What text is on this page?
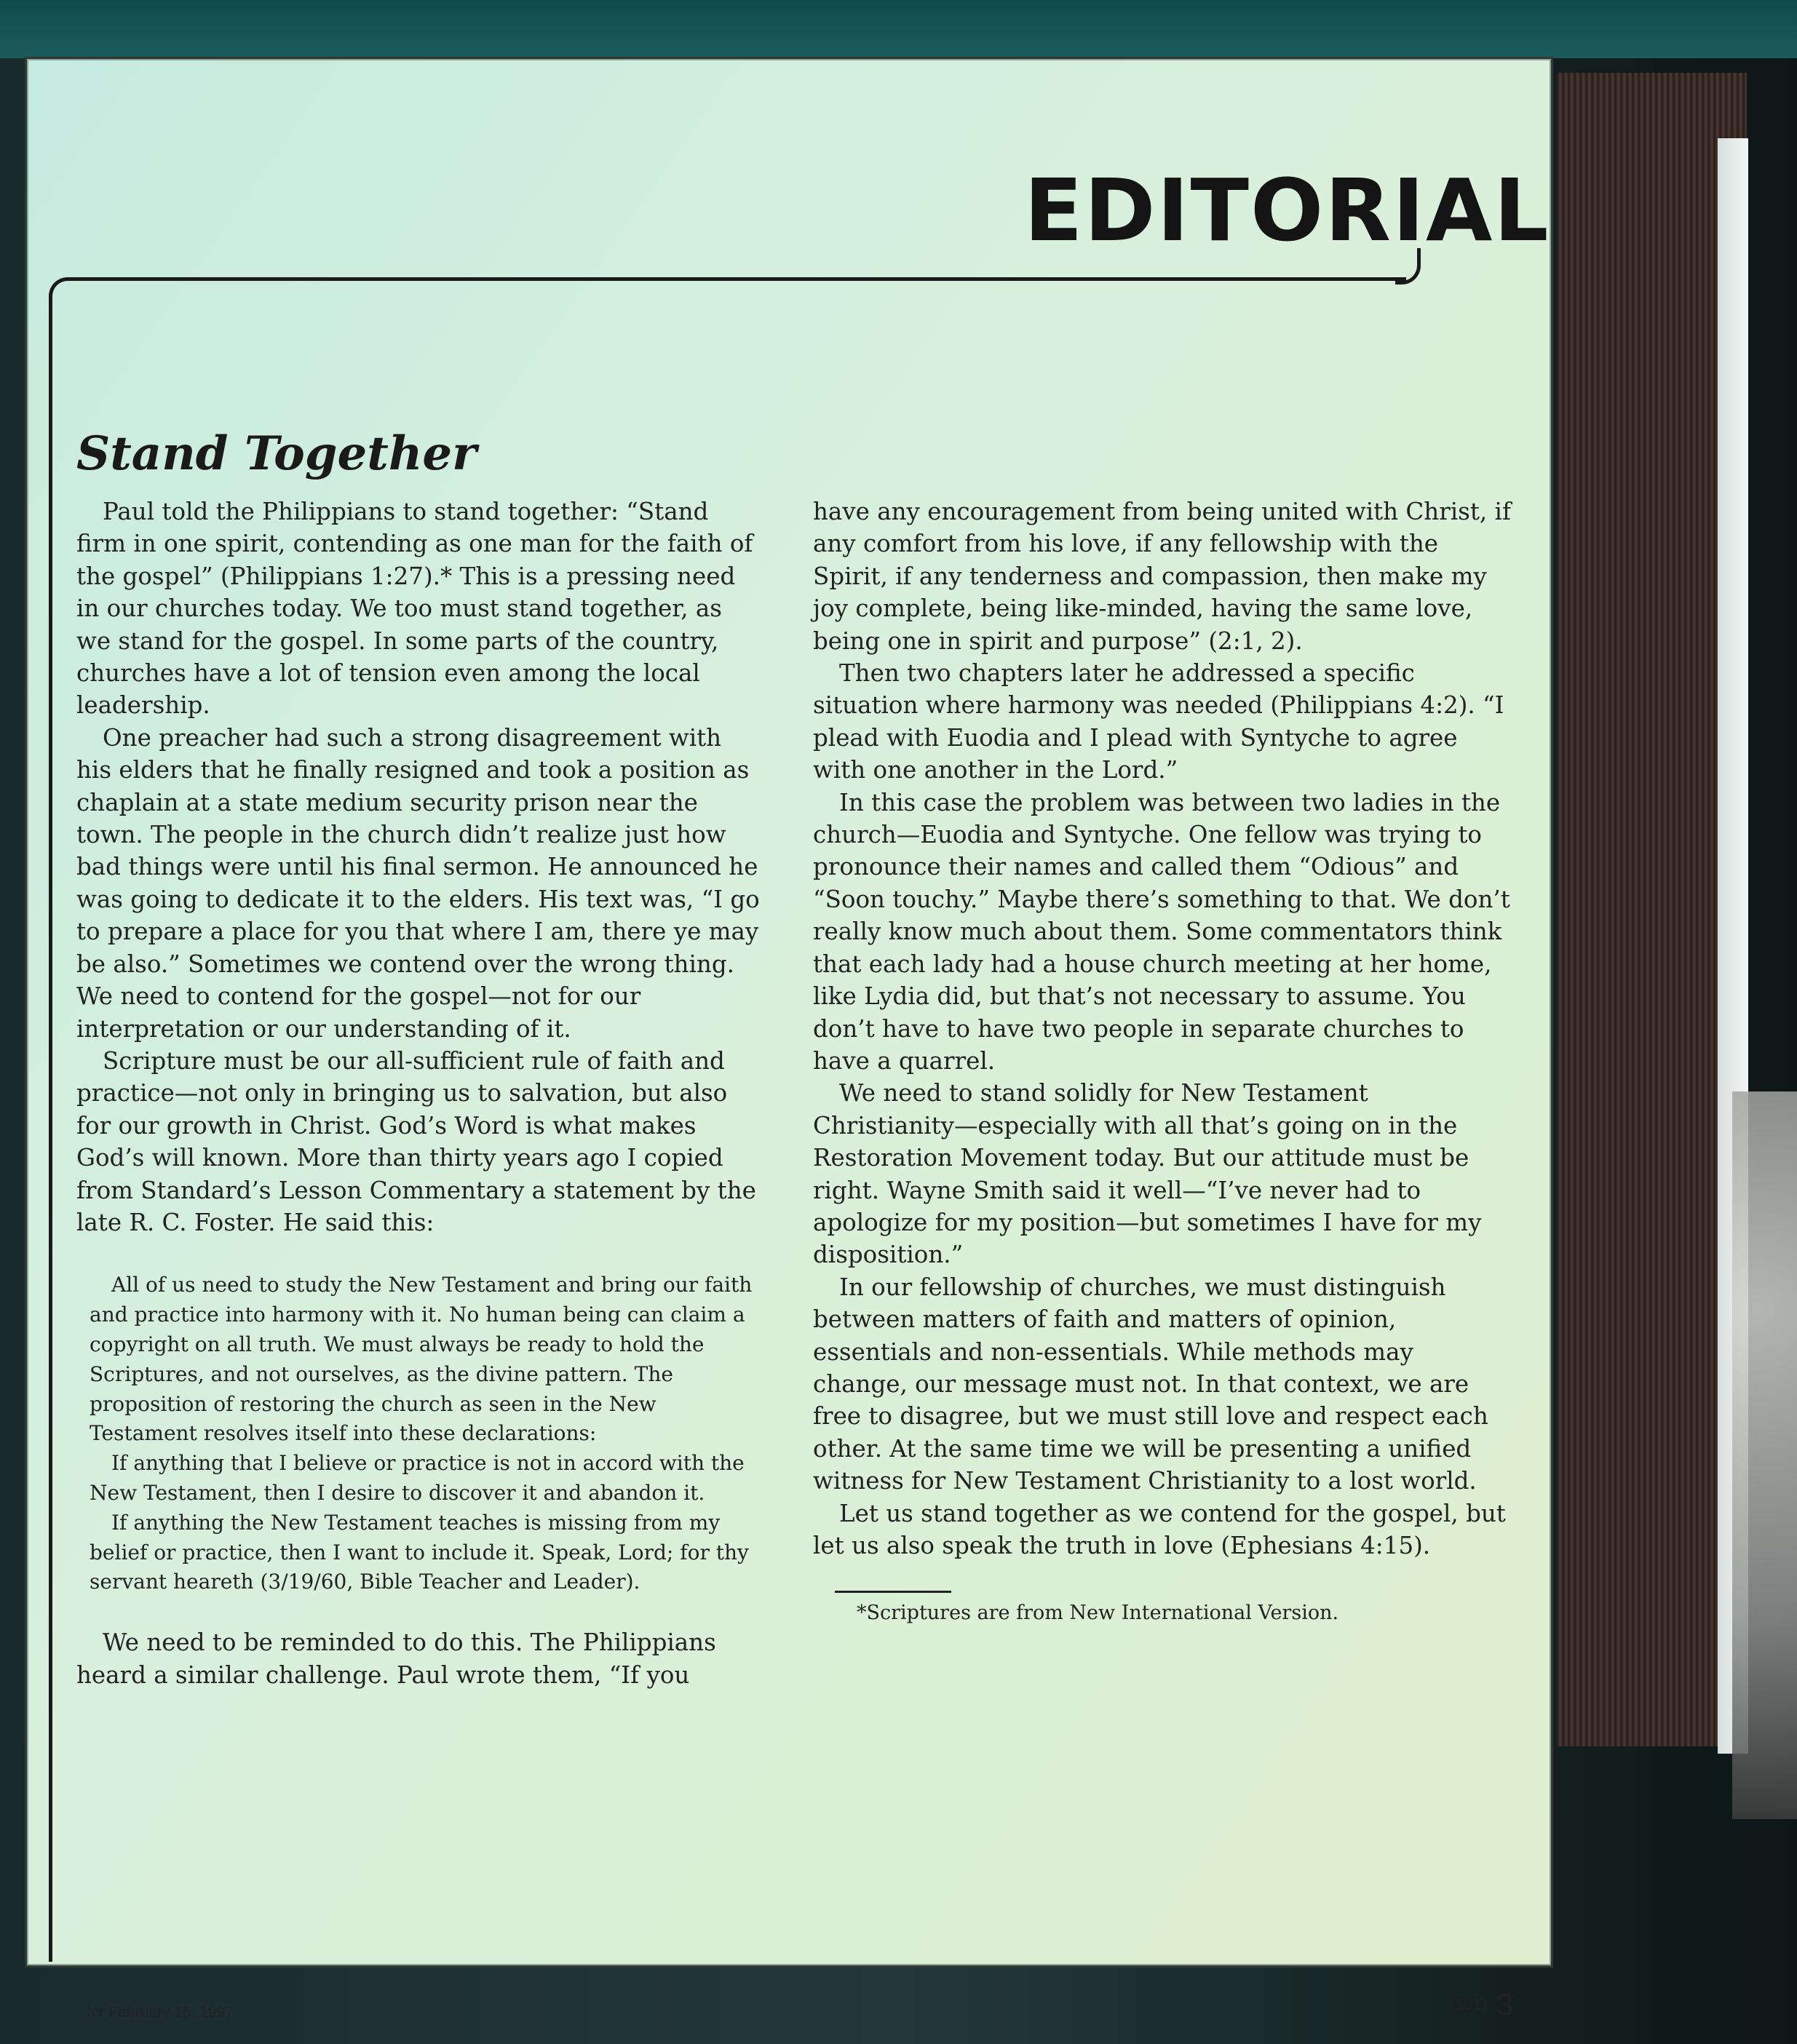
EDITORIAL
Stand Together

Paul told the Philippians to stand together: “Stand firm in one spirit, contending as one man for the faith of the gospel” (Philippians 1:27).* This is a pressing need in our churches today. We too must stand together, as we stand for the gospel. In some parts of the country, churches have a lot of tension even among the local leadership.

One preacher had such a strong disagreement with his elders that he finally resigned and took a position as chaplain at a state medium security prison near the town. The people in the church didn’t realize just how bad things were until his final sermon. He announced he was going to dedicate it to the elders. His text was, “I go to prepare a place for you that where I am, there ye may be also.” Sometimes we contend over the wrong thing. We need to contend for the gospel—not for our interpretation or our understanding of it.

Scripture must be our all-sufficient rule of faith and practice—not only in bringing us to salvation, but also for our growth in Christ. God’s Word is what makes God’s will known. More than thirty years ago I copied from Standard’s Lesson Commentary a statement by the late R. C. Foster. He said this:

All of us need to study the New Testament and bring our faith and practice into harmony with it. No human being can claim a copyright on all truth. We must always be ready to hold the Scriptures, and not ourselves, as the divine pattern. The proposition of restoring the church as seen in the New Testament resolves itself into these declarations:

If anything that I believe or practice is not in accord with the New Testament, then I desire to discover it and abandon it.

If anything the New Testament teaches is missing from my belief or practice, then I want to include it. Speak, Lord; for thy servant heareth (3/19/60, Bible Teacher and Leader).

We need to be reminded to do this. The Philippians heard a similar challenge. Paul wrote them, “If you

have any encouragement from being united with Christ, if any comfort from his love, if any fellowship with the Spirit, if any tenderness and compassion, then make my joy complete, being like-minded, having the same love, being one in spirit and purpose” (2:1, 2).

Then two chapters later he addressed a specific situation where harmony was needed (Philippians 4:2). “I plead with Euodia and I plead with Syntyche to agree with one another in the Lord.”

In this case the problem was between two ladies in the church—Euodia and Syntyche. One fellow was trying to pronounce their names and called them “Odious” and “Soon touchy.” Maybe there’s something to that. We don’t really know much about them. Some commentators think that each lady had a house church meeting at her home, like Lydia did, but that’s not necessary to assume. You don’t have to have two people in separate churches to have a quarrel.

We need to stand solidly for New Testament Christianity—especially with all that’s going on in the Restoration Movement today. But our attitude must be right. Wayne Smith said it well—“I’ve never had to apologize for my position—but sometimes I have for my disposition.”

In our fellowship of churches, we must distinguish between matters of faith and matters of opinion, essentials and non-essentials. While methods may change, our message must not. In that context, we are free to disagree, but we must still love and respect each other. At the same time we will be presenting a unified witness for New Testament Christianity to a lost world.

Let us stand together as we contend for the gospel, but let us also speak the truth in love (Ephesians 4:15).

*Scriptures are from New International Version.

for February 16, 1997	(131) 3
